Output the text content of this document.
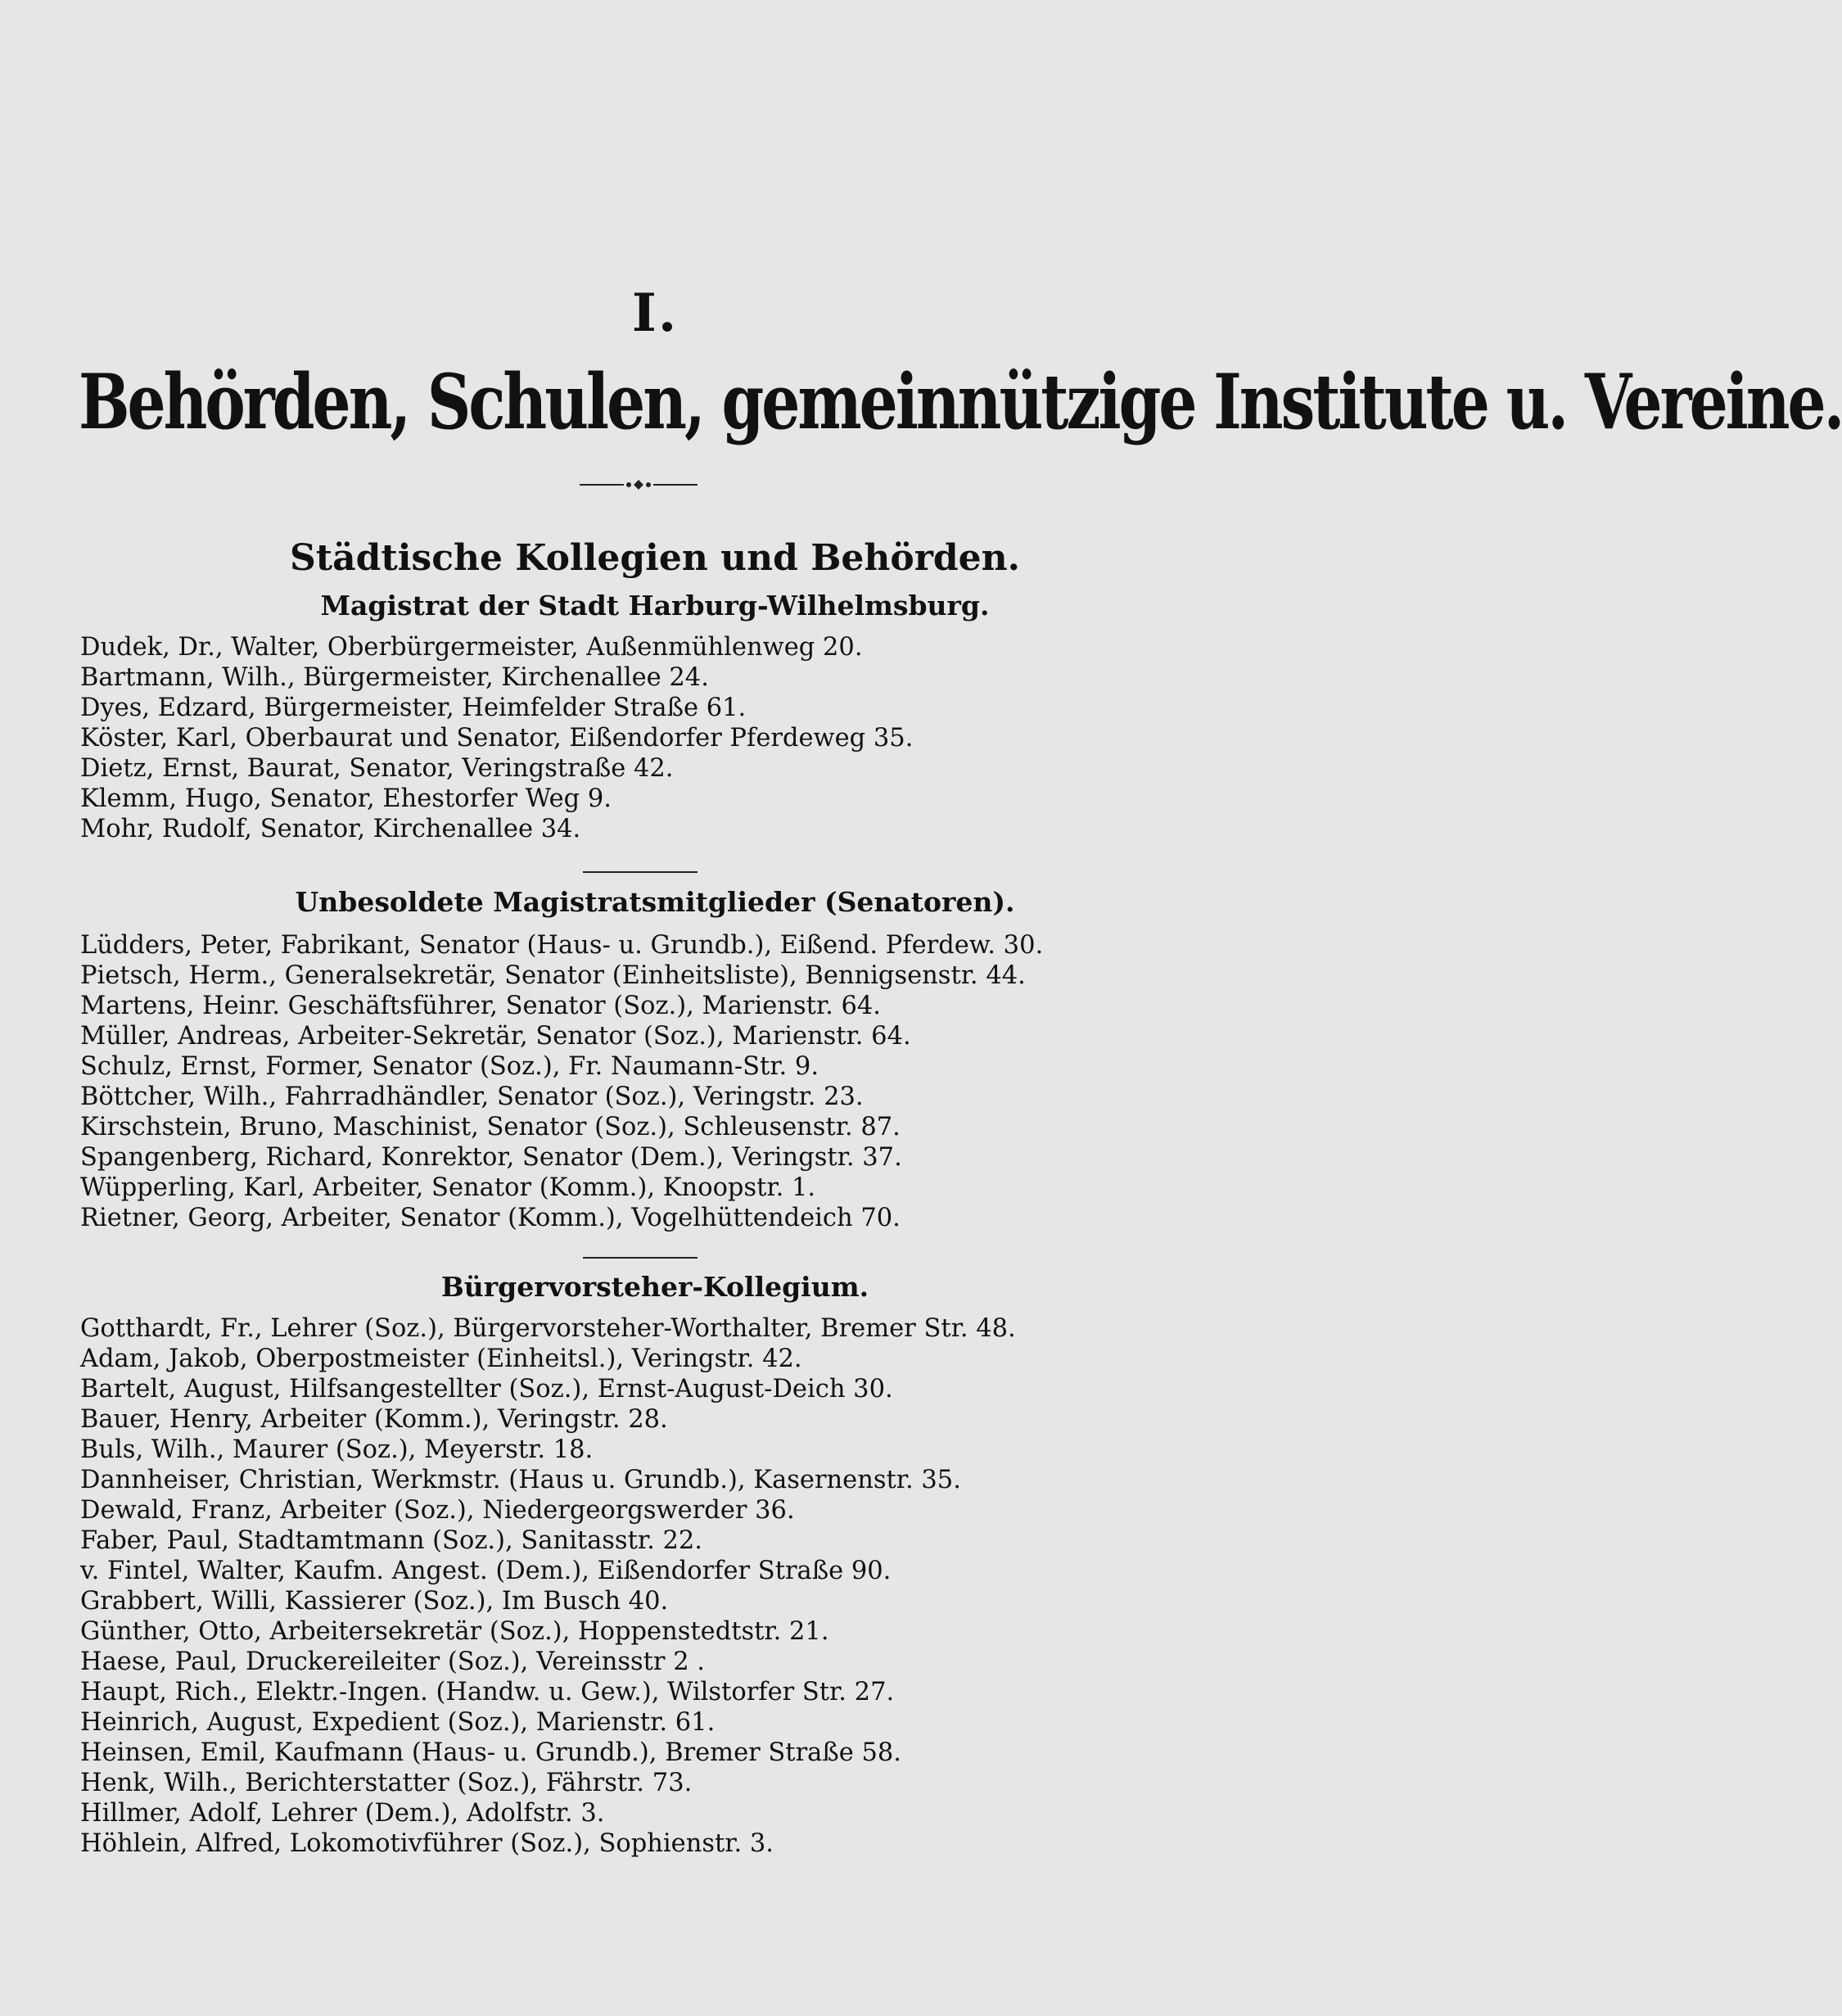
I.
Behörden, Schulen, gemeinnützige Institute u. Vereine.
Städtische Kollegien und Behörden.
Magistrat der Stadt Harburg-Wilhelmsburg.
Dudek, Dr., Walter, Oberbürgermeister, Außenmühlenweg 20.
Bartmann, Wilh., Bürgermeister, Kirchenallee 24.
Dyes, Edzard, Bürgermeister, Heimfelder Straße 61.
Köster, Karl, Oberbaurat und Senator, Eißendorfer Pferdeweg 35.
Dietz, Ernst, Baurat, Senator, Veringstraße 42.
Klemm, Hugo, Senator, Ehestorfer Weg 9.
Mohr, Rudolf, Senator, Kirchenallee 34.
Unbesoldete Magistratsmitglieder (Senatoren).
Lüdders, Peter, Fabrikant, Senator (Haus- u. Grundb.), Eißend. Pferdew. 30.
Pietsch, Herm., Generalsekretär, Senator (Einheitsliste), Bennigsenstr. 44.
Martens, Heinr. Geschäftsführer, Senator (Soz.), Marienstr. 64.
Müller, Andreas, Arbeiter-Sekretär, Senator (Soz.), Marienstr. 64.
Schulz, Ernst, Former, Senator (Soz.), Fr. Naumann-Str. 9.
Böttcher, Wilh., Fahrradhändler, Senator (Soz.), Veringstr. 23.
Kirschstein, Bruno, Maschinist, Senator (Soz.), Schleusenstr. 87.
Spangenberg, Richard, Konrektor, Senator (Dem.), Veringstr. 37.
Wüpperling, Karl, Arbeiter, Senator (Komm.), Knoopstr. 1.
Rietner, Georg, Arbeiter, Senator (Komm.), Vogelhüttendeich 70.
Bürgervorsteher-Kollegium.
Gotthardt, Fr., Lehrer (Soz.), Bürgervorsteher-Worthalter, Bremer Str. 48.
Adam, Jakob, Oberpostmeister (Einheitsl.), Veringstr. 42.
Bartelt, August, Hilfsangestellter (Soz.), Ernst-August-Deich 30.
Bauer, Henry, Arbeiter (Komm.), Veringstr. 28.
Buls, Wilh., Maurer (Soz.), Meyerstr. 18.
Dannheiser, Christian, Werkmstr. (Haus u. Grundb.), Kasernenstr. 35.
Dewald, Franz, Arbeiter (Soz.), Niedergeorgswerder 36.
Faber, Paul, Stadtamtmann (Soz.), Sanitasstr. 22.
v. Fintel, Walter, Kaufm. Angest. (Dem.), Eißendorfer Straße 90.
Grabbert, Willi, Kassierer (Soz.), Im Busch 40.
Günther, Otto, Arbeitersekretär (Soz.), Hoppenstedtstr. 21.
Haese, Paul, Druckereileiter (Soz.), Vereinsstr 2 .
Haupt, Rich., Elektr.-Ingen. (Handw. u. Gew.), Wilstorfer Str. 27.
Heinrich, August, Expedient (Soz.), Marienstr. 61.
Heinsen, Emil, Kaufmann (Haus- u. Grundb.), Bremer Straße 58.
Henk, Wilh., Berichterstatter (Soz.), Fährstr. 73.
Hillmer, Adolf, Lehrer (Dem.), Adolfstr. 3.
Höhlein, Alfred, Lokomotivführer (Soz.), Sophienstr. 3.
